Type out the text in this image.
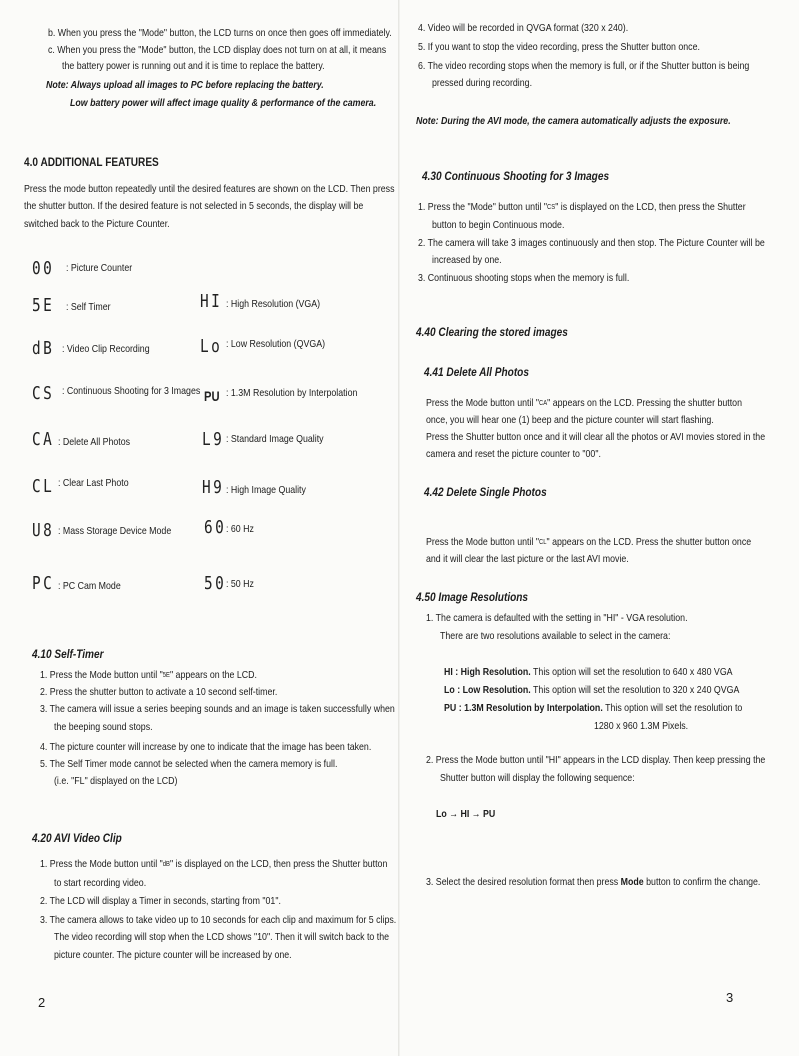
b. When you press the "Mode" button, the LCD turns on once then goes off immediately.
c. When you press the "Mode" button, the LCD display does not turn on at all, it means
the battery power is running out and it is time to replace the battery.
Note: Always upload all images to PC before replacing the battery.
Low battery power will affect image quality & performance of the camera.
4.0 ADDITIONAL FEATURES
Press the mode button repeatedly until the desired features are shown on the LCD. Then press
the shutter button. If the desired feature is not selected in 5 seconds, the display will be
switched back to the Picture Counter.
00 : Picture Counter
5E : Self Timer
dB : Video Clip Recording
CS : Continuous Shooting for 3 Images
CA : Delete All Photos
CL : Clear Last Photo
U8 : Mass Storage Device Mode
PC : PC Cam Mode
HI : High Resolution (VGA)
Lo : Low Resolution (QVGA)
PU : 1.3M Resolution by Interpolation
L9 : Standard Image Quality
H9 : High Image Quality
60 : 60 Hz
50 : 50 Hz
4.10 Self-Timer
1. Press the Mode button until "$^{5E}$" appears on the LCD.
2. Press the shutter button to activate a 10 second self-timer.
3. The camera will issue a series beeping sounds and an image is taken successfully when
the beeping sound stops.
4. The picture counter will increase by one to indicate that the image has been taken.
5. The Self Timer mode cannot be selected when the camera memory is full.
(i.e. "FL" displayed on the LCD)
4.20 AVI Video Clip
1. Press the Mode button until "$^{dB}$" is displayed on the LCD, then press the Shutter button
to start recording video.
2. The LCD will display a Timer in seconds, starting from "01".
3. The camera allows to take video up to 10 seconds for each clip and maximum for 5 clips.
The video recording will stop when the LCD shows "10". Then it will switch back to the
picture counter. The picture counter will be increased by one.
2
4. Video will be recorded in QVGA format (320 x 240).
5. If you want to stop the video recording, press the Shutter button once.
6. The video recording stops when the memory is full, or if the Shutter button is being
pressed during recording.
Note: During the AVI mode, the camera automatically adjusts the exposure.
4.30 Continuous Shooting for 3 Images
1. Press the "Mode" button until "$^{CS}$" is displayed on the LCD, then press the Shutter
button to begin Continuous mode.
2. The camera will take 3 images continuously and then stop. The Picture Counter will be
increased by one.
3. Continuous shooting stops when the memory is full.
4.40 Clearing the stored images
4.41 Delete All Photos
Press the Mode button until "$^{CA}$" appears on the LCD. Pressing the shutter button
once, you will hear one (1) beep and the picture counter will start flashing.
Press the Shutter button once and it will clear all the photos or AVI movies stored in the
camera and reset the picture counter to "00".
4.42 Delete Single Photos
Press the Mode button until "$^{CL}$" appears on the LCD. Press the shutter button once
and it will clear the last picture or the last AVI movie.
4.50 Image Resolutions
1. The camera is defaulted with the setting in "HI" - VGA resolution.
There are two resolutions available to select in the camera:
HI : High Resolution. This option will set the resolution to 640 x 480 VGA
Lo : Low Resolution. This option will set the resolution to 320 x 240 QVGA
PU : 1.3M Resolution by Interpolation. This option will set the resolution to
1280 x 960 1.3M Pixels.
2. Press the Mode button until "HI" appears in the LCD display. Then keep pressing the
Shutter button will display the following sequence:
Lo → HI → PU
3. Select the desired resolution format then press Mode button to confirm the change.
3
